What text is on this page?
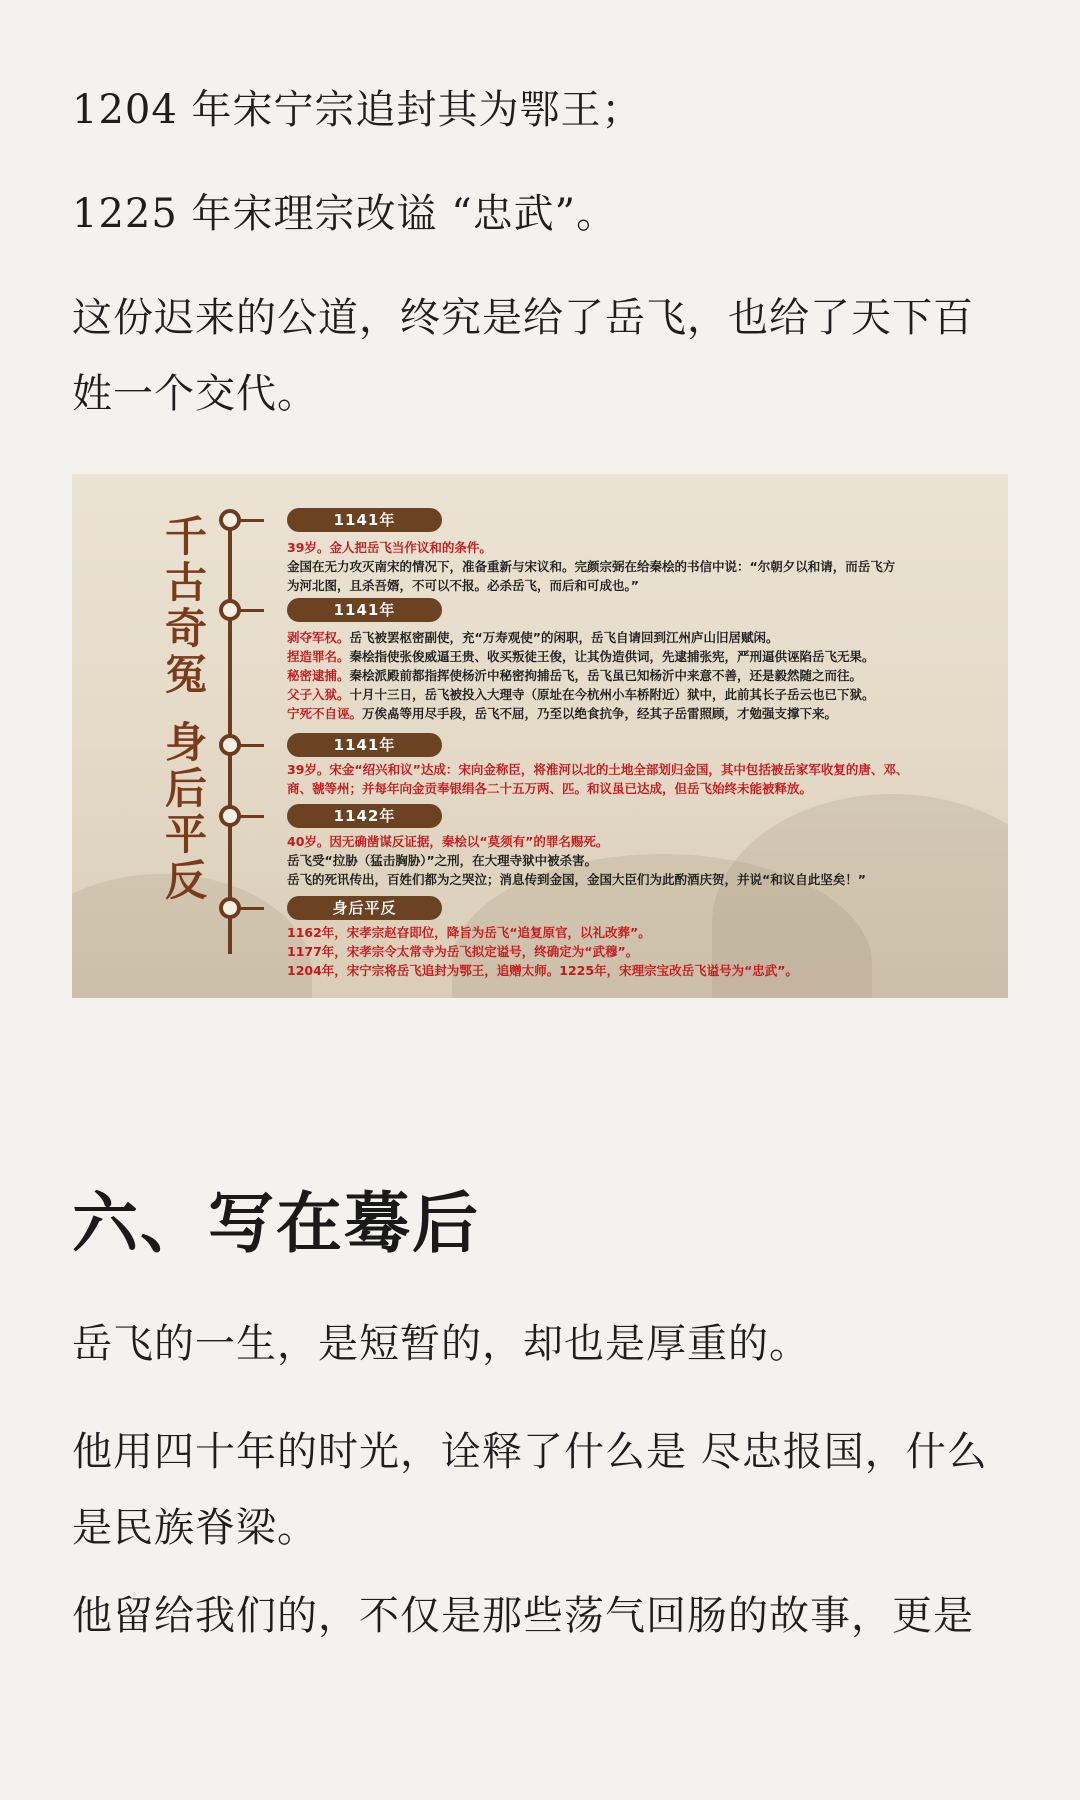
1204 年宋宁宗追封其为鄂王；

1225 年宋理宗改谥 “忠武”。

这份迟来的公道，终究是给了岳飞，也给了天下百姓一个交代。

千古奇冤
身后平反
1141年
39岁。金人把岳飞当作议和的条件。
金国在无力攻灭南宋的情况下，准备重新与宋议和。完颜宗弼在给秦桧的书信中说：“尔朝夕以和请，而岳飞方
为河北图，且杀吾婿，不可以不报。必杀岳飞，而后和可成也。”
1141年
剥夺军权。岳飞被罢枢密副使，充“万寿观使”的闲职，岳飞自请回到江州庐山旧居赋闲。
捏造罪名。秦桧指使张俊威逼王贵、收买叛徒王俊，让其伪造供词，先逮捕张宪，严刑逼供诬陷岳飞无果。
秘密逮捕。秦桧派殿前都指挥使杨沂中秘密拘捕岳飞，岳飞虽已知杨沂中来意不善，还是毅然随之而往。
父子入狱。十月十三日，岳飞被投入大理寺（原址在今杭州小车桥附近）狱中，此前其长子岳云也已下狱。
宁死不自诬。万俟卨等用尽手段，岳飞不屈，乃至以绝食抗争，经其子岳雷照顾，才勉强支撑下来。
1141年
39岁。宋金“绍兴和议”达成：宋向金称臣，将淮河以北的土地全部划归金国，其中包括被岳家军收复的唐、邓、
商、虢等州；并每年向金贡奉银绢各二十五万两、匹。和议虽已达成，但岳飞始终未能被释放。
1142年
40岁。因无确凿谋反证据，秦桧以“莫须有”的罪名赐死。
岳飞受“拉胁（猛击胸胁）”之刑，在大理寺狱中被杀害。
岳飞的死讯传出，百姓们都为之哭泣；消息传到金国，金国大臣们为此酌酒庆贺，并说“和议自此坚矣！”
身后平反
1162年，宋孝宗赵昚即位，降旨为岳飞“追复原官，以礼改葬”。
1177年，宋孝宗令太常寺为岳飞拟定谥号，终确定为“武穆”。
1204年，宋宁宗将岳飞追封为鄂王，追赠太师。1225年，宋理宗宝改岳飞谥号为“忠武”。
六、写在蓦后

岳飞的一生，是短暂的，却也是厚重的。

他用四十年的时光，诠释了什么是 尽忠报国，什么是民族脊梁。

他留给我们的，不仅是那些荡气回肠的故事，更是
